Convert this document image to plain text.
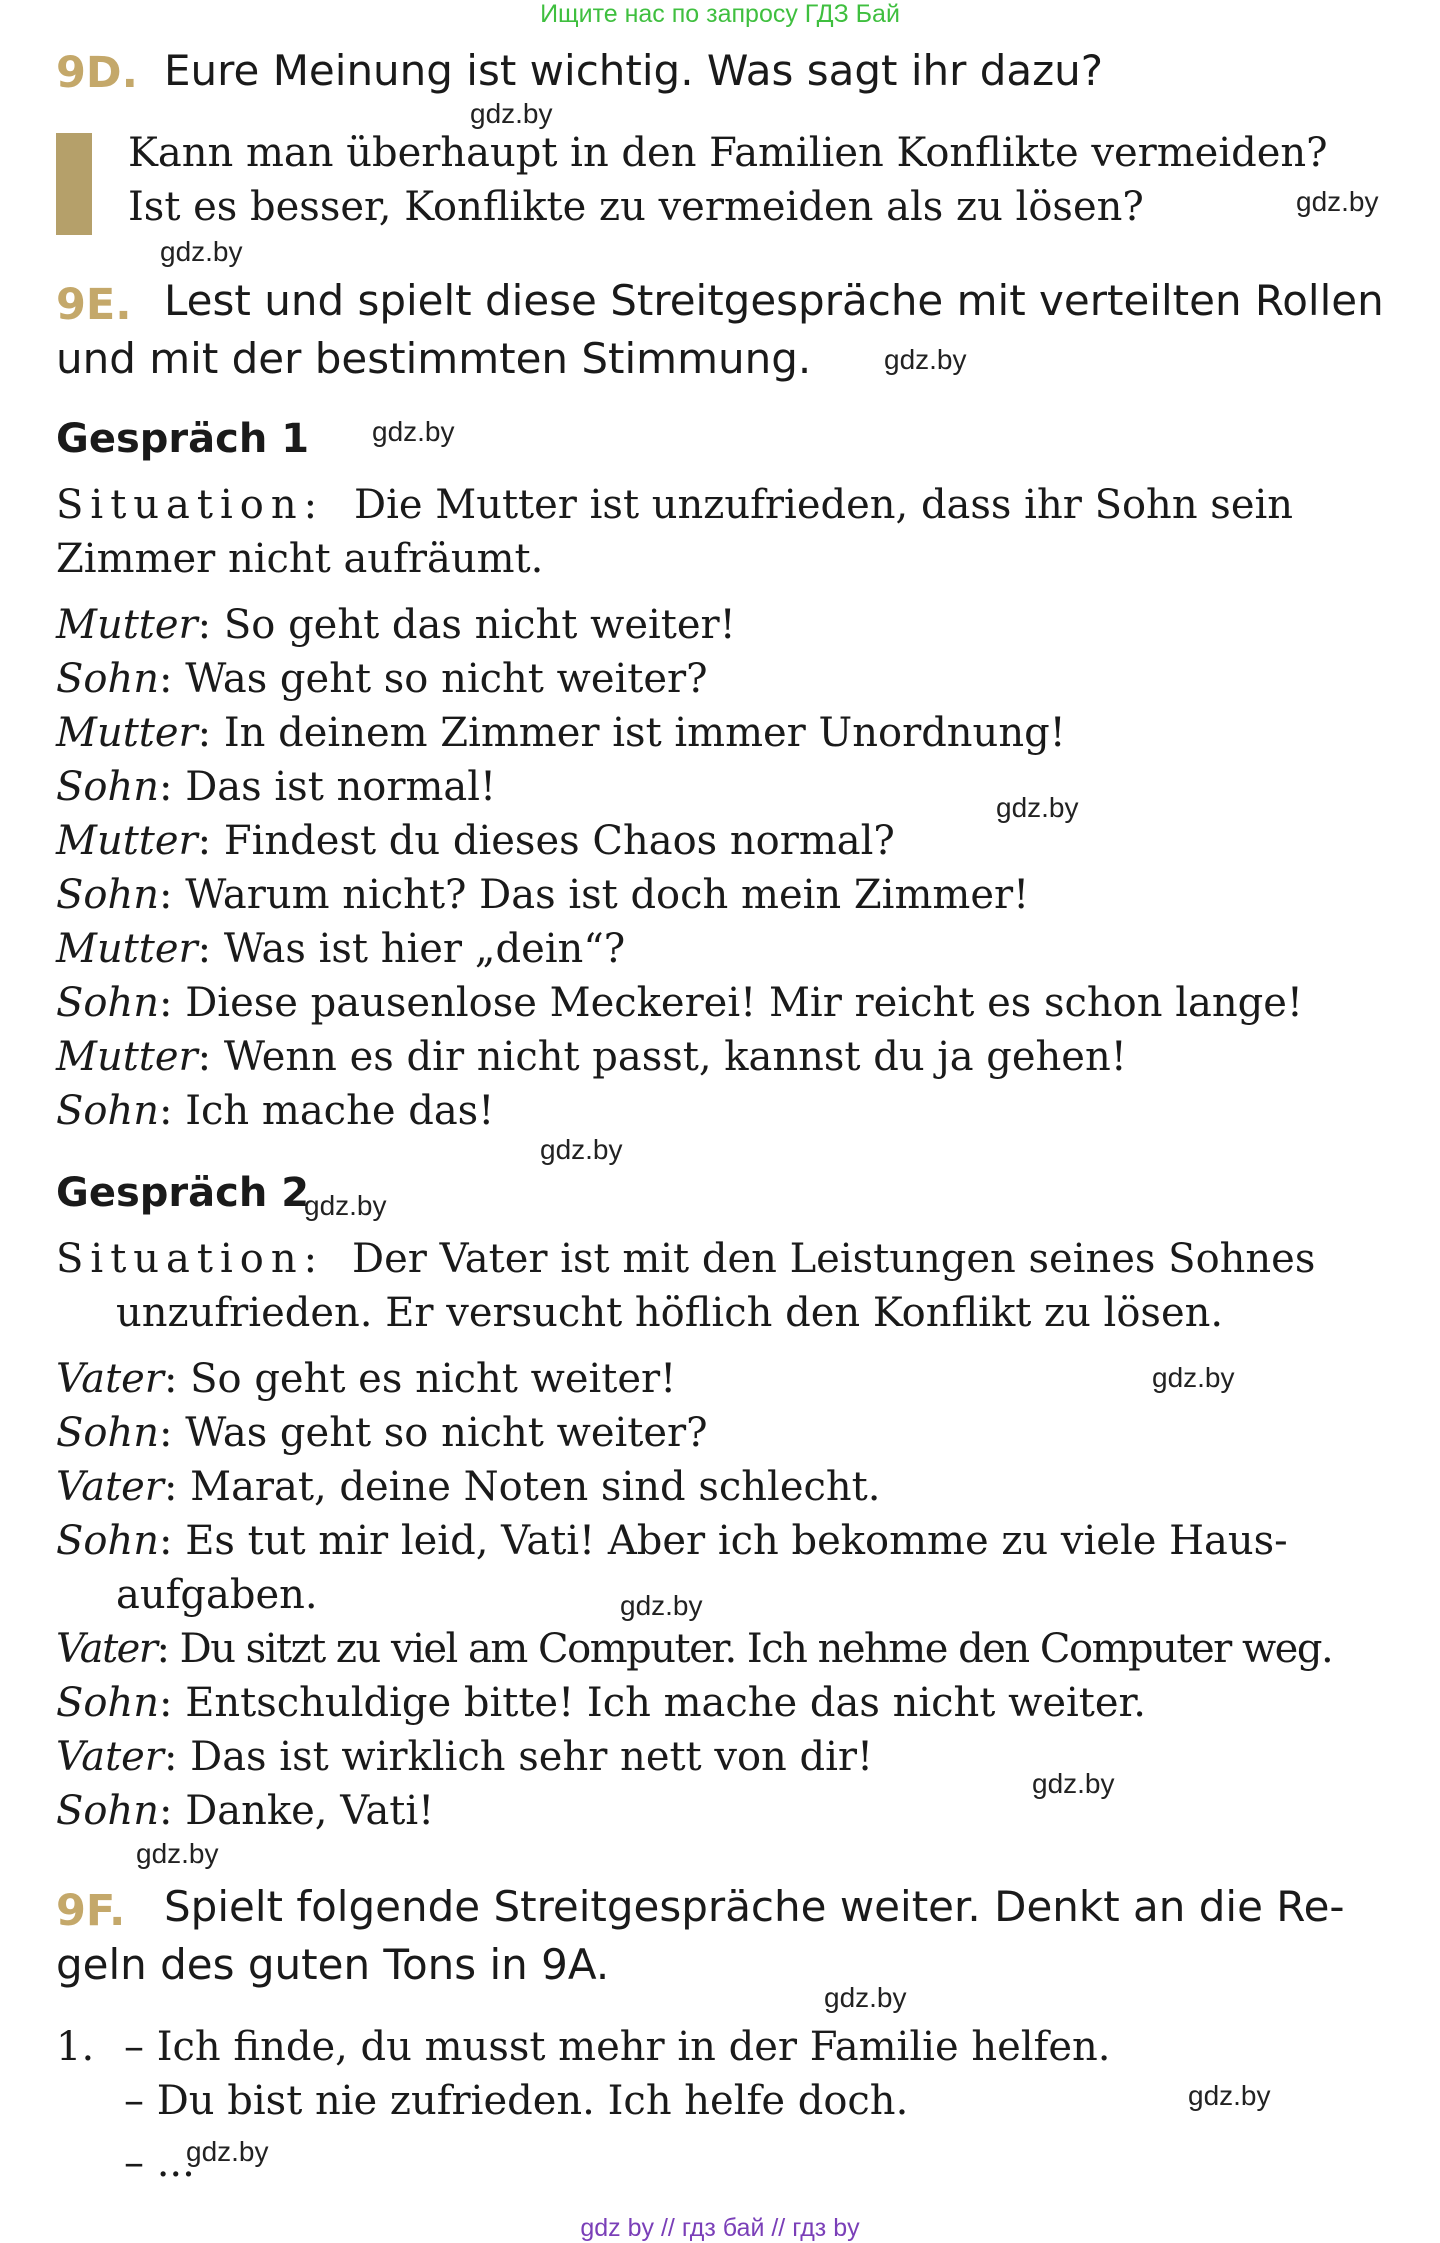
Ищите нас по запросу ГДЗ Бай
9D. Eure Meinung ist wichtig. Was sagt ihr dazu?
gdz.by
Kann man überhaupt in den Familien Konflikte vermeiden?
Ist es besser, Konflikte zu vermeiden als zu lösen?	gdz.by
gdz.by
9E. Lest und spielt diese Streitgespräche mit verteilten Rollen
und mit der bestimmten Stimmung.	gdz.by
Gespräch 1 gdz.by
Situation: Die Mutter ist unzufrieden, dass ihr Sohn sein
Zimmer nicht aufräumt.
Mutter: So geht das nicht weiter!
Sohn: Was geht so nicht weiter?
Mutter: In deinem Zimmer ist immer Unordnung!
Sohn: Das ist normal!	gdz.by
Mutter: Findest du dieses Chaos normal?
Sohn: Warum nicht? Das ist doch mein Zimmer!
Mutter: Was ist hier „dein“?
Sohn: Diese pausenlose Meckerei! Mir reicht es schon lange!
Mutter: Wenn es dir nicht passt, kannst du ja gehen!
Sohn: Ich mache das!
gdz.by
Gespräch 2
gdz.by
Situation: Der Vater ist mit den Leistungen seines Sohnes
unzufrieden. Er versucht höflich den Konflikt zu lösen.
Vater: So geht es nicht weiter!	gdz.by
Sohn: Was geht so nicht weiter?
Vater: Marat, deine Noten sind schlecht.
Sohn: Es tut mir leid, Vati! Aber ich bekomme zu viele Haus-
aufgaben.	gdz.by
Vater: Du sitzt zu viel am Computer. Ich nehme den Computer weg.
Sohn: Entschuldige bitte! Ich mache das nicht weiter.
Vater: Das ist wirklich sehr nett von dir!
gdz.by
Sohn: Danke, Vati!
gdz.by
9F. Spielt folgende Streitgespräche weiter. Denkt an die Re-
geln des guten Tons in 9A.
gdz.by
1. – Ich finde, du musst mehr in der Familie helfen.
– Du bist nie zufrieden. Ich helfe doch.	gdz.by
gdz.by
– ...
gdz by // гдз бай // гдз by
